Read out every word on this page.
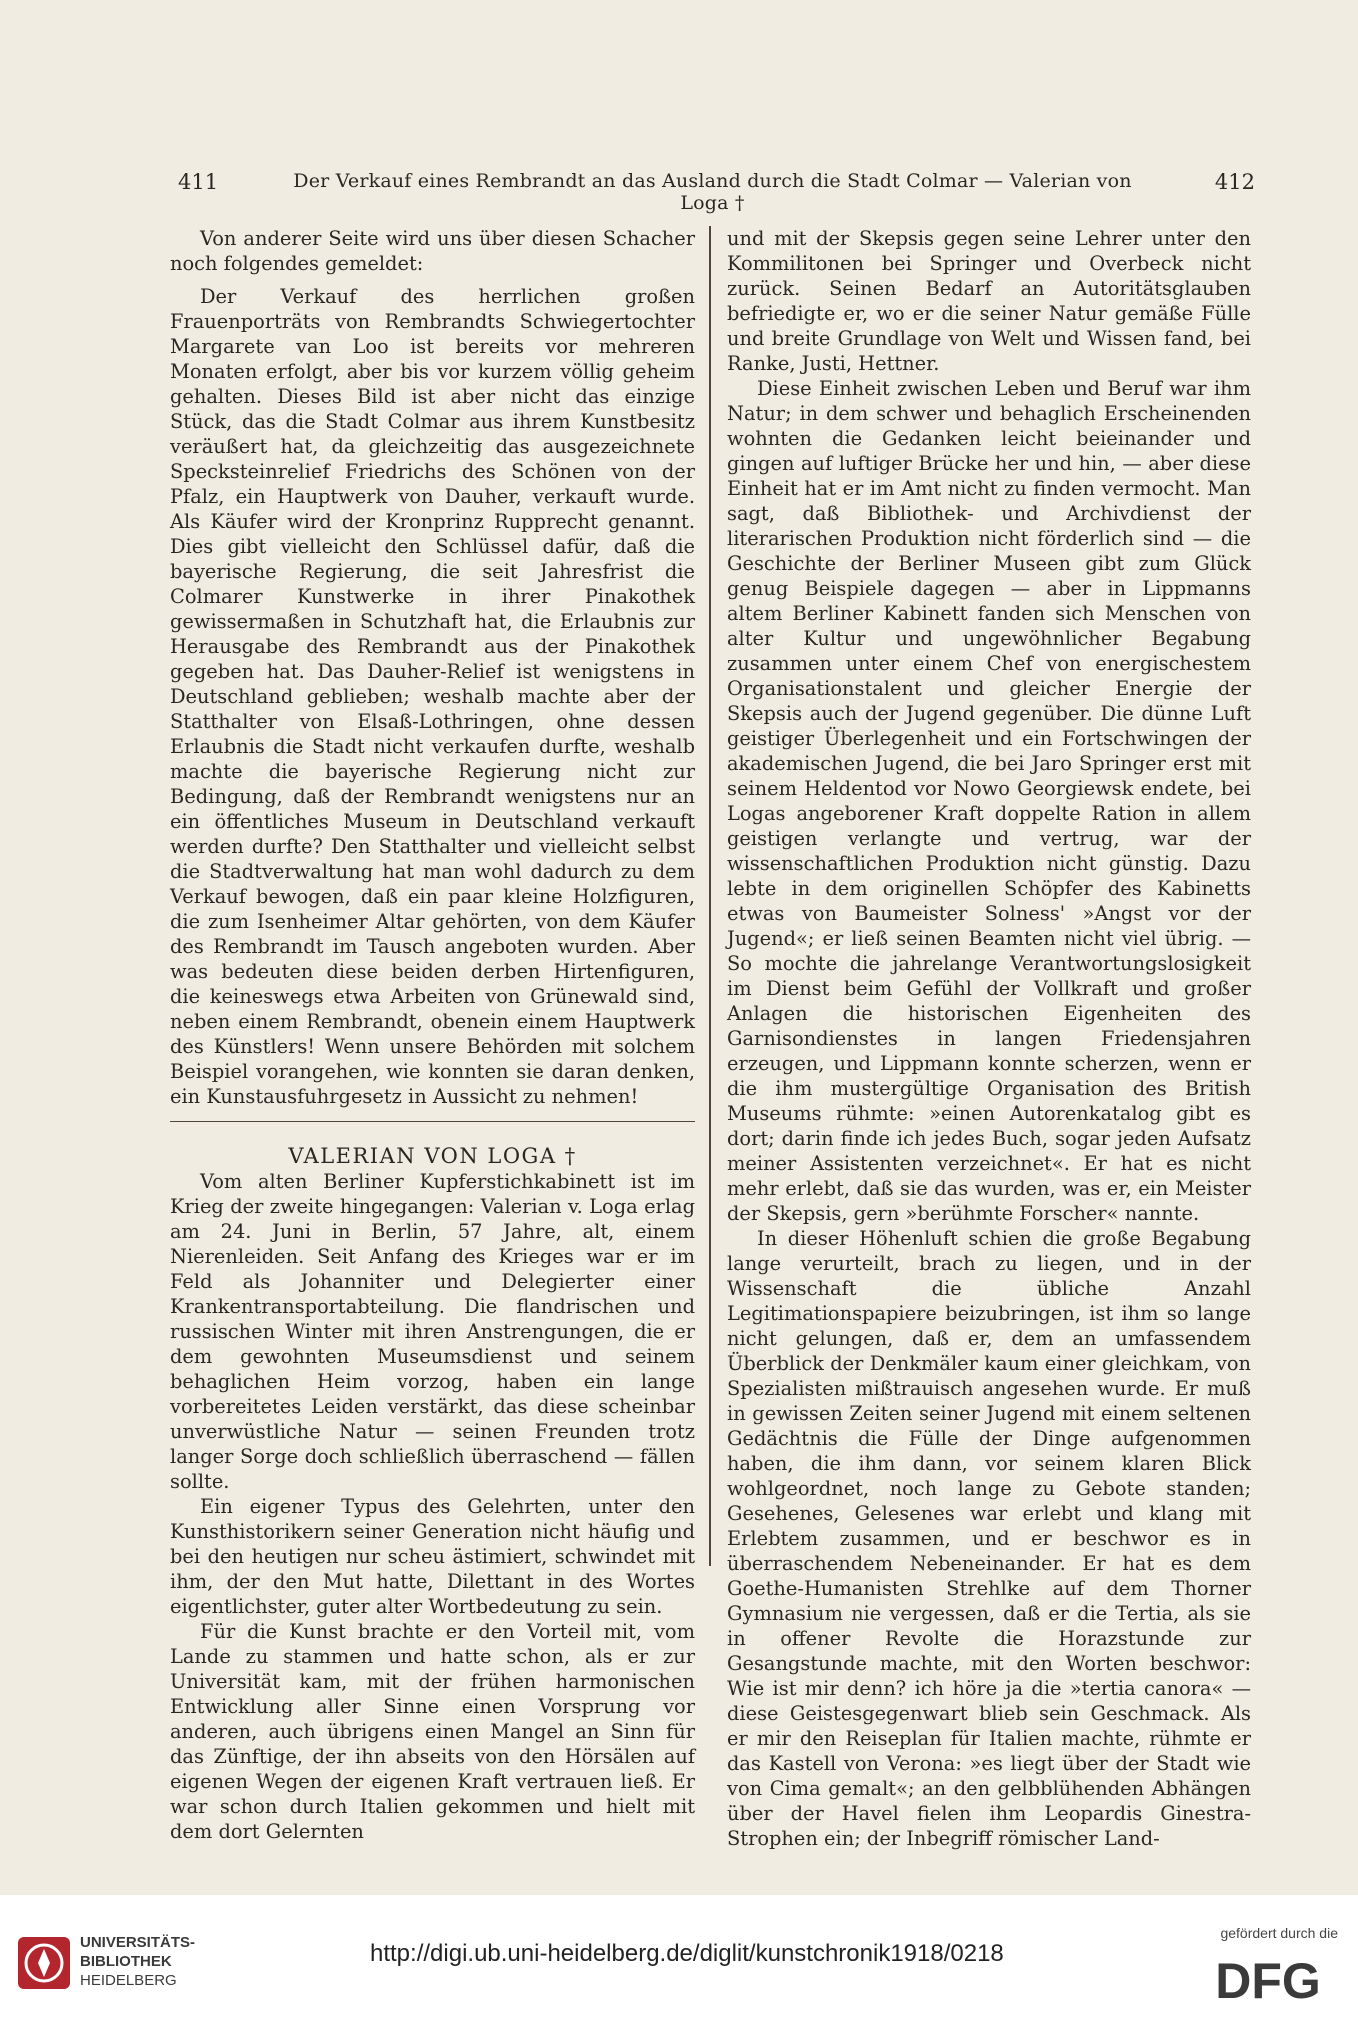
411	Der Verkauf eines Rembrandt an das Ausland durch die Stadt Colmar — Valerian von Loga †
412

Von anderer Seite wird uns über diesen Schacher noch folgendes gemeldet:

Der Verkauf des herrlichen großen Frauenporträts von Rembrandts Schwiegertochter Margarete van Loo ist bereits vor mehreren Monaten erfolgt, aber bis vor kurzem völlig geheim gehalten. Dieses Bild ist aber nicht das einzige Stück, das die Stadt Colmar aus ihrem Kunstbesitz veräußert hat, da gleichzeitig das ausgezeichnete Specksteinrelief Friedrichs des Schönen von der Pfalz, ein Hauptwerk von Dauher, verkauft wurde. Als Käufer wird der Kronprinz Rupprecht genannt. Dies gibt vielleicht den Schlüssel dafür, daß die bayerische Regierung, die seit Jahresfrist die Colmarer Kunstwerke in ihrer Pinakothek gewissermaßen in Schutzhaft hat, die Erlaubnis zur Herausgabe des Rembrandt aus der Pinakothek gegeben hat. Das Dauher-Relief ist wenigstens in Deutschland geblieben; weshalb machte aber der Statthalter von Elsaß-Lothringen, ohne dessen Erlaubnis die Stadt nicht verkaufen durfte, weshalb machte die bayerische Regierung nicht zur Bedingung, daß der Rembrandt wenigstens nur an ein öffentliches Museum in Deutschland verkauft werden durfte? Den Statthalter und vielleicht selbst die Stadtverwaltung hat man wohl dadurch zu dem Verkauf bewogen, daß ein paar kleine Holzfiguren, die zum Isenheimer Altar gehörten, von dem Käufer des Rembrandt im Tausch angeboten wurden. Aber was bedeuten diese beiden derben Hirtenfiguren, die keineswegs etwa Arbeiten von Grünewald sind, neben einem Rembrandt, obenein einem Hauptwerk des Künstlers! Wenn unsere Behörden mit solchem Beispiel vorangehen, wie konnten sie daran denken, ein Kunstausfuhrgesetz in Aussicht zu nehmen!

VALERIAN VON LOGA †

Vom alten Berliner Kupferstichkabinett ist im Krieg der zweite hingegangen: Valerian v. Loga erlag am 24. Juni in Berlin, 57 Jahre, alt, einem Nierenleiden. Seit Anfang des Krieges war er im Feld als Johanniter und Delegierter einer Krankentransportabteilung. Die flandrischen und russischen Winter mit ihren Anstrengungen, die er dem gewohnten Museumsdienst und seinem behaglichen Heim vorzog, haben ein lange vorbereitetes Leiden verstärkt, das diese scheinbar unverwüstliche Natur — seinen Freunden trotz langer Sorge doch schließlich überraschend — fällen sollte.

Ein eigener Typus des Gelehrten, unter den Kunsthistorikern seiner Generation nicht häufig und bei den heutigen nur scheu ästimiert, schwindet mit ihm, der den Mut hatte, Dilettant in des Wortes eigentlichster, guter alter Wortbedeutung zu sein.

Für die Kunst brachte er den Vorteil mit, vom Lande zu stammen und hatte schon, als er zur Universität kam, mit der frühen harmonischen Entwicklung aller Sinne einen Vorsprung vor anderen, auch übrigens einen Mangel an Sinn für das Zünftige, der ihn abseits von den Hörsälen auf eigenen Wegen der eigenen Kraft vertrauen ließ. Er war schon durch Italien gekommen und hielt mit dem dort Gelernten

und mit der Skepsis gegen seine Lehrer unter den Kommilitonen bei Springer und Overbeck nicht zurück. Seinen Bedarf an Autoritätsglauben befriedigte er, wo er die seiner Natur gemäße Fülle und breite Grundlage von Welt und Wissen fand, bei Ranke, Justi, Hettner.

Diese Einheit zwischen Leben und Beruf war ihm Natur; in dem schwer und behaglich Erscheinenden wohnten die Gedanken leicht beieinander und gingen auf luftiger Brücke her und hin, — aber diese Einheit hat er im Amt nicht zu finden vermocht. Man sagt, daß Bibliothek- und Archivdienst der literarischen Produktion nicht förderlich sind — die Geschichte der Berliner Museen gibt zum Glück genug Beispiele dagegen — aber in Lippmanns altem Berliner Kabinett fanden sich Menschen von alter Kultur und ungewöhnlicher Begabung zusammen unter einem Chef von energischestem Organisationstalent und gleicher Energie der Skepsis auch der Jugend gegenüber. Die dünne Luft geistiger Überlegenheit und ein Fortschwingen der akademischen Jugend, die bei Jaro Springer erst mit seinem Heldentod vor Nowo Georgiewsk endete, bei Logas angeborener Kraft doppelte Ration in allem geistigen verlangte und vertrug, war der wissenschaftlichen Produktion nicht günstig. Dazu lebte in dem originellen Schöpfer des Kabinetts etwas von Baumeister Solness' »Angst vor der Jugend«; er ließ seinen Beamten nicht viel übrig. — So mochte die jahrelange Verantwortungslosigkeit im Dienst beim Gefühl der Vollkraft und großer Anlagen die historischen Eigenheiten des Garnisondienstes in langen Friedensjahren erzeugen, und Lippmann konnte scherzen, wenn er die ihm mustergültige Organisation des British Museums rühmte: »einen Autorenkatalog gibt es dort; darin finde ich jedes Buch, sogar jeden Aufsatz meiner Assistenten verzeichnet«. Er hat es nicht mehr erlebt, daß sie das wurden, was er, ein Meister der Skepsis, gern »berühmte Forscher« nannte.

In dieser Höhenluft schien die große Begabung lange verurteilt, brach zu liegen, und in der Wissenschaft die übliche Anzahl Legitimationspapiere beizubringen, ist ihm so lange nicht gelungen, daß er, dem an umfassendem Überblick der Denkmäler kaum einer gleichkam, von Spezialisten mißtrauisch angesehen wurde. Er muß in gewissen Zeiten seiner Jugend mit einem seltenen Gedächtnis die Fülle der Dinge aufgenommen haben, die ihm dann, vor seinem klaren Blick wohlgeordnet, noch lange zu Gebote standen; Gesehenes, Gelesenes war erlebt und klang mit Erlebtem zusammen, und er beschwor es in überraschendem Nebeneinander. Er hat es dem Goethe-Humanisten Strehlke auf dem Thorner Gymnasium nie vergessen, daß er die Tertia, als sie in offener Revolte die Horazstunde zur Gesangstunde machte, mit den Worten beschwor: Wie ist mir denn? ich höre ja die »tertia canora« — diese Geistesgegenwart blieb sein Geschmack. Als er mir den Reiseplan für Italien machte, rühmte er das Kastell von Verona: »es liegt über der Stadt wie von Cima gemalt«; an den gelbblühenden Abhängen über der Havel fielen ihm Leopardis Ginestra-Strophen ein; der Inbegriff römischer Land-

UNIVERSITÄTS-
BIBLIOTHEK
HEIDELBERG
http://digi.ub.uni-heidelberg.de/diglit/kunstchronik1918/0218
gefördert durch die
DFG
